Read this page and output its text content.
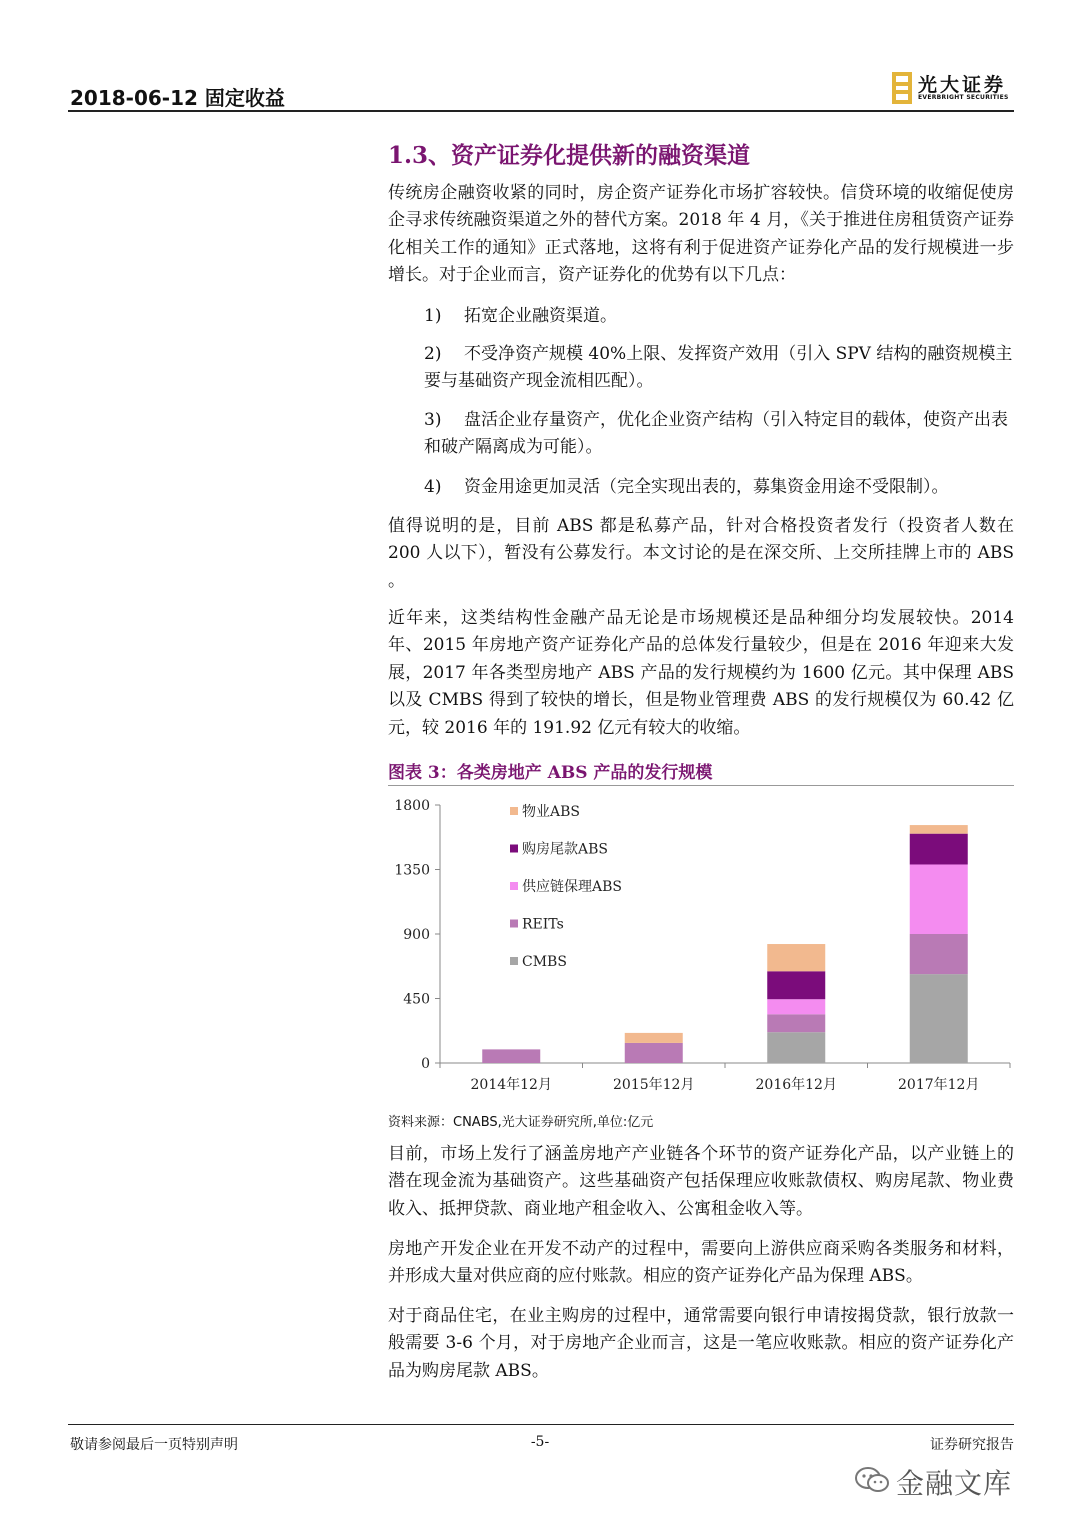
2018-06-12 固定收益
光大证券
EVERBRIGHT SECURITIES
1.3、资产证券化提供新的融资渠道

传统房企融资收紧的同时，房企资产证券化市场扩容较快。信贷环境的收缩促使房企寻求传统融资渠道之外的替代方案。2018 年 4 月，《关于推进住房租赁资产证券化相关工作的通知》正式落地，这将有利于促进资产证券化产品的发行规模进一步增长。对于企业而言，资产证券化的优势有以下几点：

1) 拓宽企业融资渠道。
2) 不受净资产规模 40%上限、发挥资产效用（引入 SPV 结构的融资规模主要与基础资产现金流相匹配）。
3) 盘活企业存量资产，优化企业资产结构（引入特定目的载体，使资产出表和破产隔离成为可能）。
4) 资金用途更加灵活（完全实现出表的，募集资金用途不受限制）。

值得说明的是，目前 ABS 都是私募产品，针对合格投资者发行（投资者人数在 200 人以下），暂没有公募发行。本文讨论的是在深交所、上交所挂牌上市的 ABS 。

近年来，这类结构性金融产品无论是市场规模还是品种细分均发展较快。2014 年、2015 年房地产资产证券化产品的总体发行量较少，但是在 2016 年迎来大发展，2017 年各类型房地产 ABS 产品的发行规模约为 1600 亿元。其中保理 ABS 以及 CMBS 得到了较快的增长，但是物业管理费 ABS 的发行规模仅为 60.42 亿元，较 2016 年的 191.92 亿元有较大的收缩。

图表 3：各类房地产 ABS 产品的发行规模
0
450
900
1350
1800
2014年12月	2015年12月	2016年12月	2017年12月
物业ABS
购房尾款ABS
供应链保理ABS
REITs
CMBS
资料来源：CNABS,光大证券研究所,单位:亿元

目前，市场上发行了涵盖房地产产业链各个环节的资产证券化产品，以产业链上的潜在现金流为基础资产。这些基础资产包括保理应收账款债权、购房尾款、物业费收入、抵押贷款、商业地产租金收入、公寓租金收入等。

房地产开发企业在开发不动产的过程中，需要向上游供应商采购各类服务和材料，并形成大量对供应商的应付账款。相应的资产证券化产品为保理 ABS。

对于商品住宅，在业主购房的过程中，通常需要向银行申请按揭贷款，银行放款一般需要 3-6 个月，对于房地产企业而言，这是一笔应收账款。相应的资产证券化产品为购房尾款 ABS。

敬请参阅最后一页特别声明	-5-	证券研究报告
金融文库
